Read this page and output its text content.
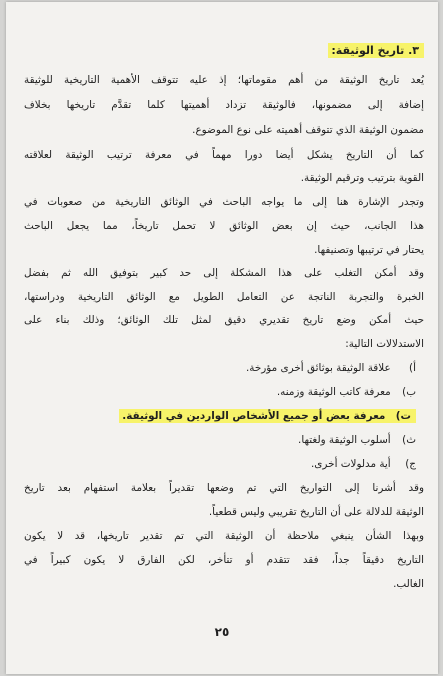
٣. تاريخ الوثيقة:
يُعد تاريخ الوثيقة من أهم مقوماتها؛ إذ عليه تتوقف الأهمية التاريخية للوثيقة
إضافة إلى مضمونها، فالوثيقة تزداد أهميتها كلما تقدَّم تاريخها بخلاف
مضمون الوثيقة الذي تتوقف أهميته على نوع الموضوع.
كما أن التاريخ يشكل أيضا دورا مهماً في معرفة ترتيب الوثيقة لعلاقته
القوية بترتيب وترقيم الوثيقة.
وتجدر الإشارة هنا إلى ما يواجه الباحث في الوثائق التاريخية من صعوبات في
هذا الجانب، حيث إن بعض الوثائق لا تحمل تاريخاً، مما يجعل الباحث
يحتار في ترتيبها وتصنيفها.
وقد أمكن التغلب على هذا المشكلة إلى حد كبير بتوفيق الله ثم بفضل
الخبرة والتجربة الناتجة عن التعامل الطويل مع الوثائق التاريخية ودراستها،
حيث أمكن وضع تاريخ تقديري دقيق لمثل تلك الوثائق؛ وذلك بناء على
الاستدلالات التالية:
أ) علاقة الوثيقة بوثائق أخرى مؤرخة.
ب) معرفة كاتب الوثيقة وزمنه.
ت) معرفة بعض أو جميع الأشخاص الواردين في الوثيقة.
ث) أسلوب الوثيقة ولغتها.
ج) أية مدلولات أخرى.
وقد أشرنا إلى التواريخ التي تم وضعها تقديراً بعلامة استفهام بعد تاريخ
الوثيقة للدلالة على أن التاريخ تقريبي وليس قطعياً.
وبهذا الشأن ينبغي ملاحظة أن الوثيقة التي تم تقدير تاريخها، قد لا يكون
التاريخ دقيقاً جداً، فقد تتقدم أو تتأخر، لكن الفارق لا يكون كبيراً في
الغالب.
٢٥
